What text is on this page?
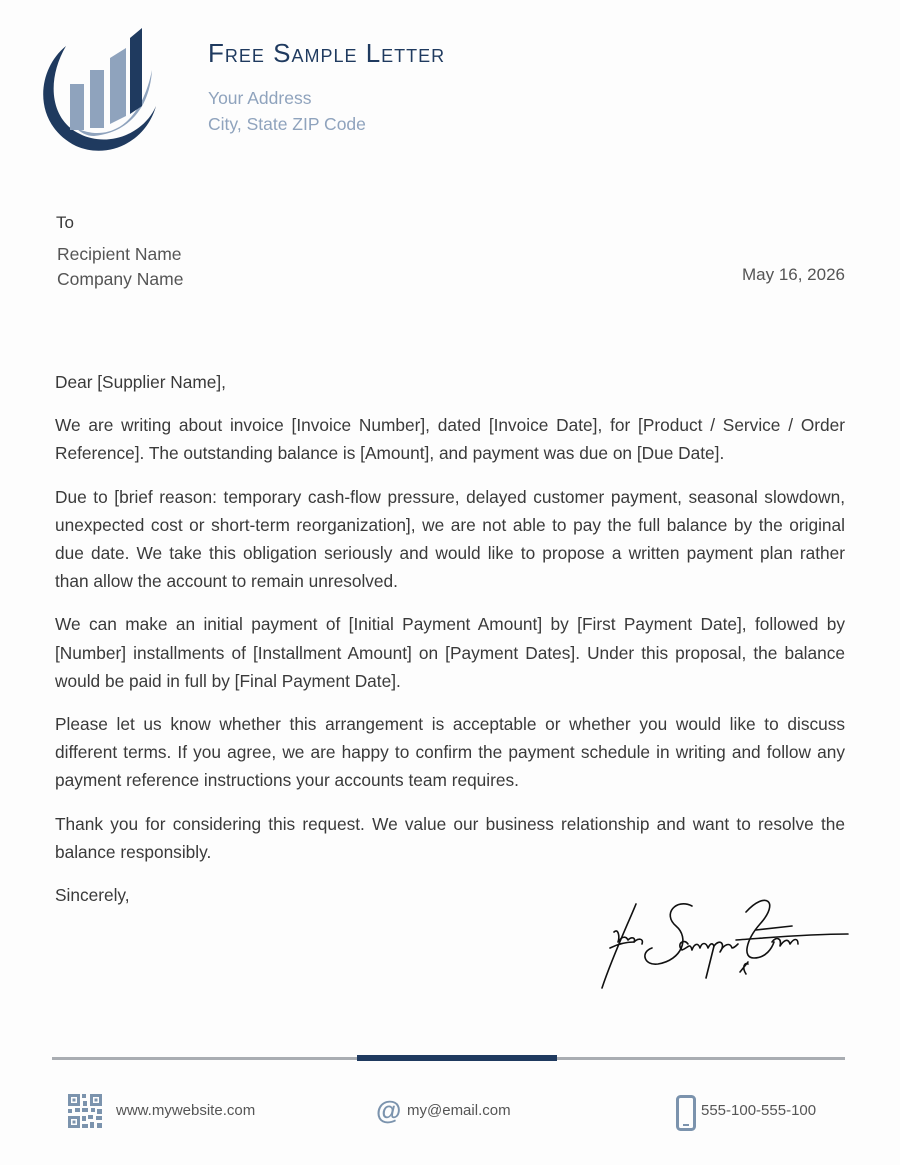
Free Sample Letter
Your Address
City, State ZIP Code
To
Recipient Name
Company Name	May 16, 2026

Dear [Supplier Name],

We are writing about invoice [Invoice Number], dated [Invoice Date], for [Product / Service / Order Reference]. The outstanding balance is [Amount], and payment was due on [Due Date].

Due to [brief reason: temporary cash-flow pressure, delayed customer payment, seasonal slowdown, unexpected cost or short-term reorganization], we are not able to pay the full balance by the original due date. We take this obligation seriously and would like to propose a written payment plan rather than allow the account to remain unresolved.

We can make an initial payment of [Initial Payment Amount] by [First Payment Date], followed by [Number] installments of [Installment Amount] on [Payment Dates]. Under this proposal, the balance would be paid in full by [Final Payment Date].

Please let us know whether this arrangement is acceptable or whether you would like to discuss different terms. If you agree, we are happy to confirm the payment schedule in writing and follow any payment reference instructions your accounts team requires.

Thank you for considering this request. We value our business relationship and want to resolve the balance responsibly.

Sincerely,

www.mywebsite.com	@ my@email.com	555-100-555-100
